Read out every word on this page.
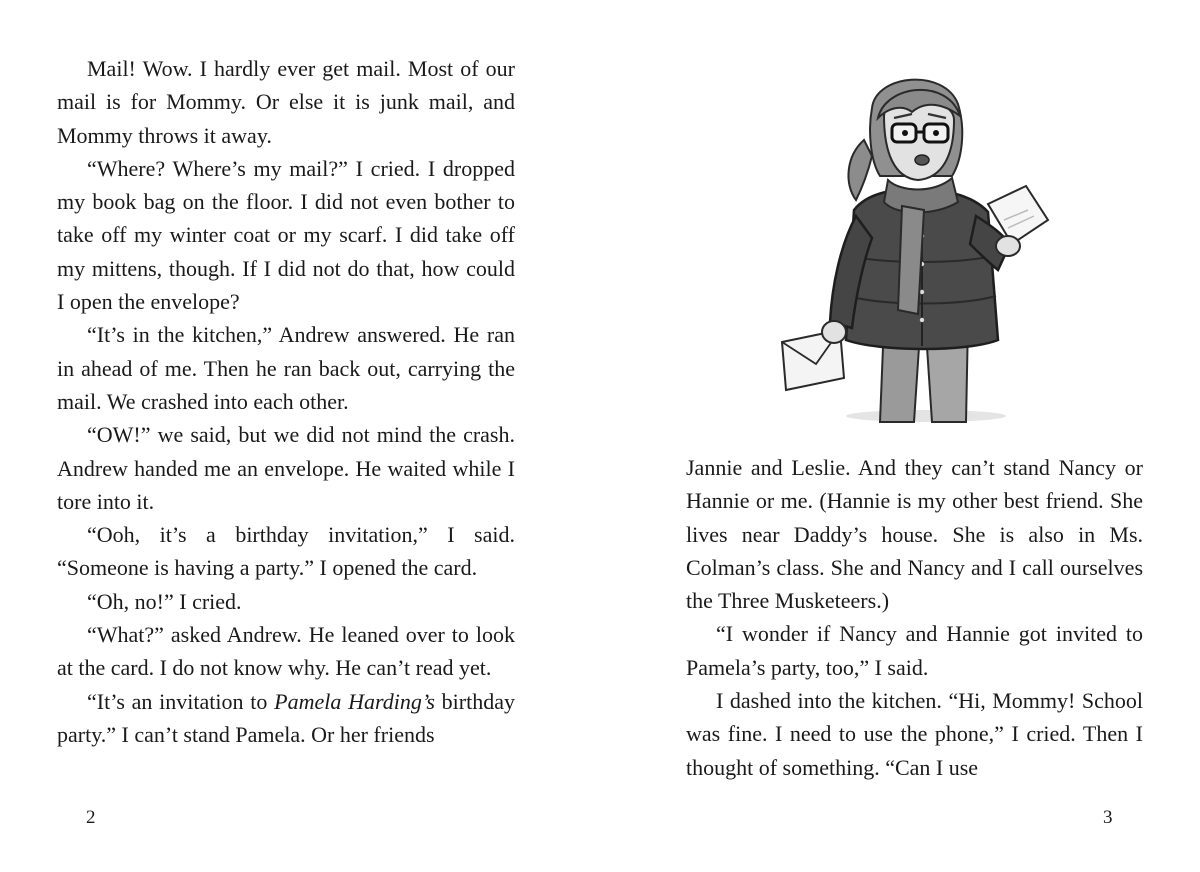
Mail! Wow. I hardly ever get mail. Most of our mail is for Mommy. Or else it is junk mail, and Mommy throws it away.

“Where? Where’s my mail?” I cried. I dropped my book bag on the floor. I did not even bother to take off my winter coat or my scarf. I did take off my mittens, though. If I did not do that, how could I open the envelope?

“It’s in the kitchen,” Andrew answered. He ran in ahead of me. Then he ran back out, carrying the mail. We crashed into each other.

“OW!” we said, but we did not mind the crash. Andrew handed me an envelope. He waited while I tore into it.

“Ooh, it’s a birthday invitation,” I said. “Someone is having a party.” I opened the card.

“Oh, no!” I cried.

“What?” asked Andrew. He leaned over to look at the card. I do not know why. He can’t read yet.

“It’s an invitation to Pamela Harding’s birthday party.” I can’t stand Pamela. Or her friends

2

Jannie and Leslie. And they can’t stand Nancy or Hannie or me. (Hannie is my other best friend. She lives near Daddy’s house. She is also in Ms. Colman’s class. She and Nancy and I call ourselves the Three Musketeers.)

“I wonder if Nancy and Hannie got invited to Pamela’s party, too,” I said.

I dashed into the kitchen. “Hi, Mommy! School was fine. I need to use the phone,” I cried. Then I thought of something. “Can I use

3
